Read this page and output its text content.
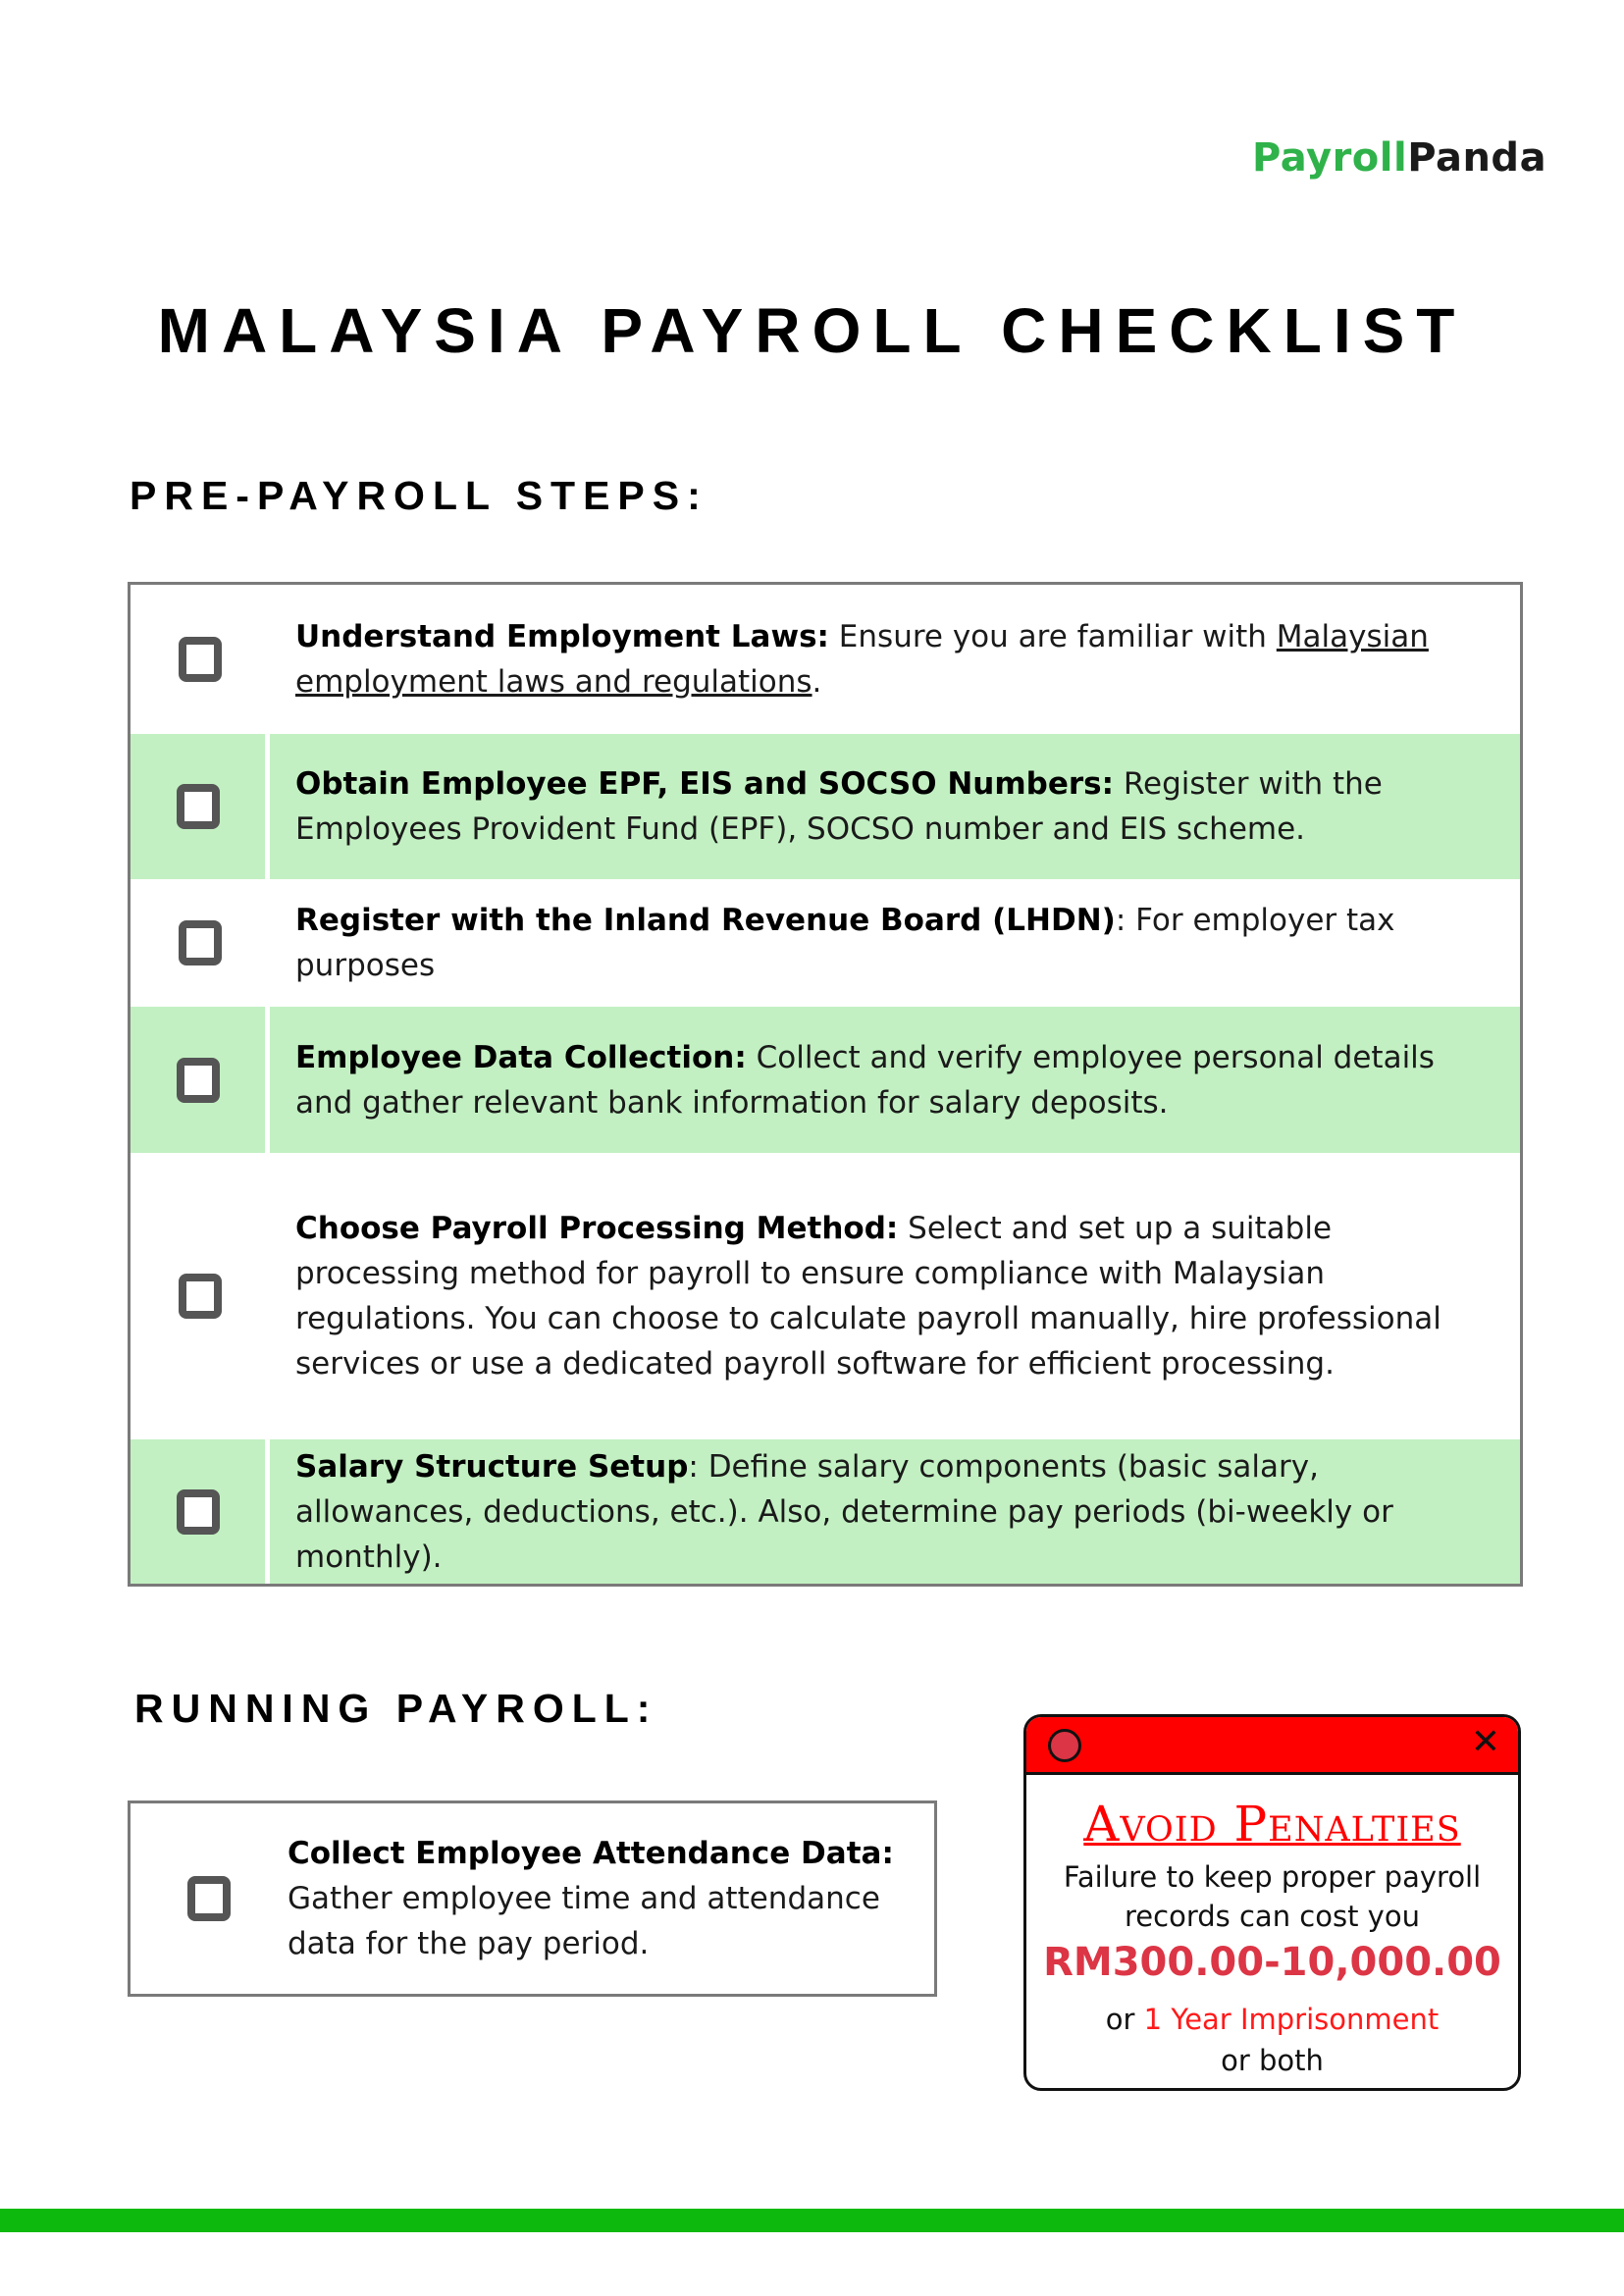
PayrollPanda
MALAYSIA PAYROLL CHECKLIST
PRE-PAYROLL STEPS:
Understand Employment Laws: Ensure you are familiar with Malaysian employment laws and regulations.
Obtain Employee EPF, EIS and SOCSO Numbers: Register with the Employees Provident Fund (EPF), SOCSO number and EIS scheme.
Register with the Inland Revenue Board (LHDN): For employer tax purposes
Employee Data Collection: Collect and verify employee personal details and gather relevant bank information for salary deposits.
Choose Payroll Processing Method: Select and set up a suitable processing method for payroll to ensure compliance with Malaysian regulations. You can choose to calculate payroll manually, hire professional services or use a dedicated payroll software for efficient processing.
Salary Structure Setup: Define salary components (basic salary, allowances, deductions, etc.). Also, determine pay periods (bi-weekly or monthly).
RUNNING PAYROLL:
Collect Employee Attendance Data: Gather employee time and attendance data for the pay period.
✕
Avoid Penalties
Failure to keep proper payroll
records can cost you
RM300.00-10,000.00
or 1 Year Imprisonment
or both
